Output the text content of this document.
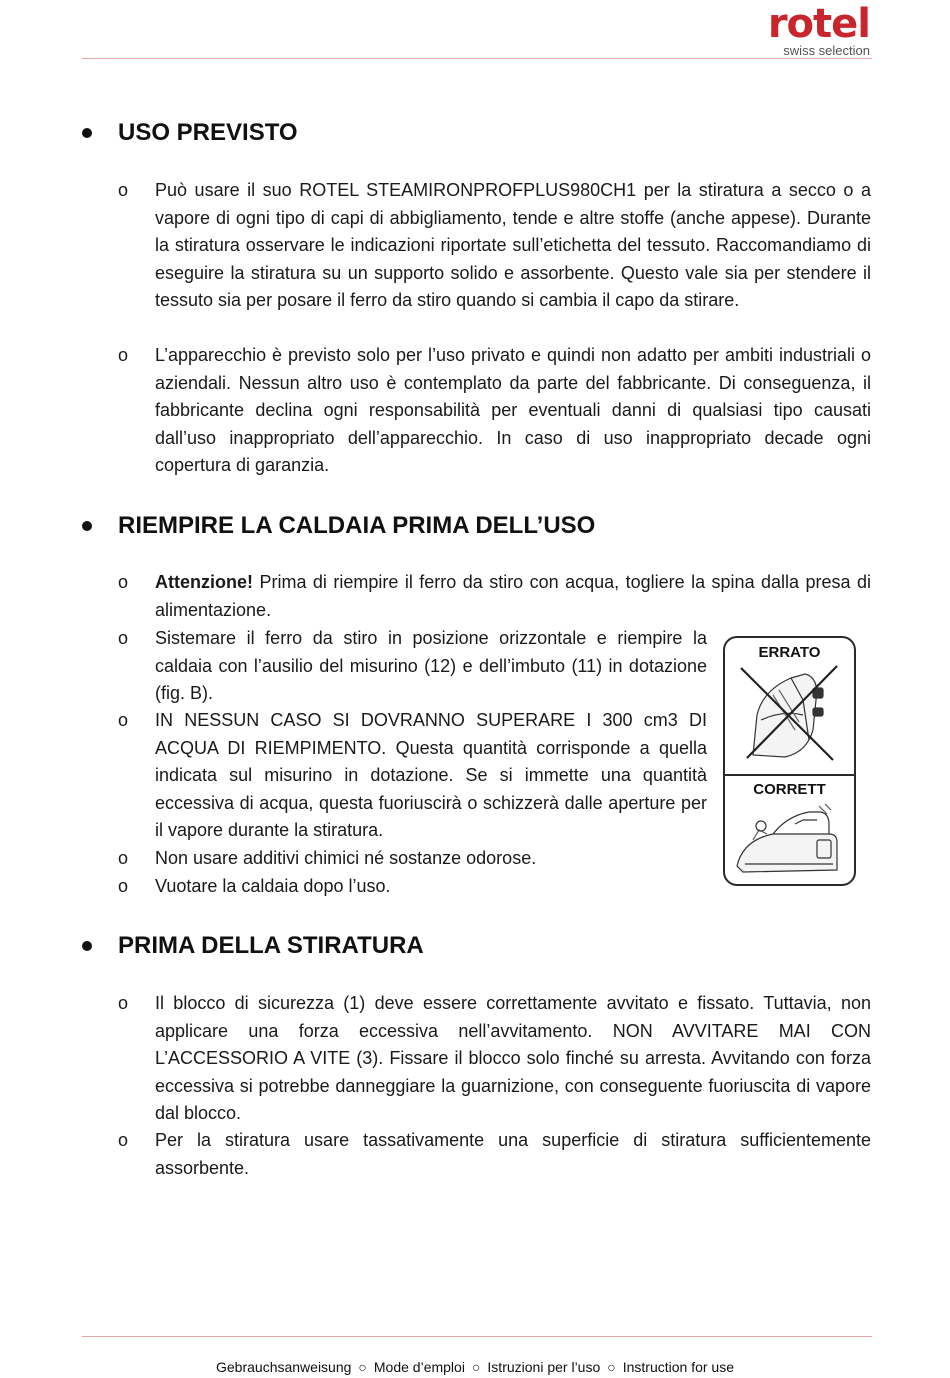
rotel
swiss selection
USO PREVISTO
o Può usare il suo ROTEL STEAMIRONPROFPLUS980CH1 per la stiratura a secco o a vapore di ogni tipo di capi di abbigliamento, tende e altre stoffe (anche appese). Durante la stiratura osservare le indicazioni riportate sull’etichetta del tessuto. Raccomandiamo di eseguire la stiratura su un supporto solido e assorbente. Questo vale sia per stendere il tessuto sia per posare il ferro da stiro quando si cambia il capo da stirare.
o L’apparecchio è previsto solo per l’uso privato e quindi non adatto per ambiti industriali o aziendali. Nessun altro uso è contemplato da parte del fabbricante. Di conseguenza, il fabbricante declina ogni responsabilità per eventuali danni di qualsiasi tipo causati dall’uso inappropriato dell’apparecchio. In caso di uso inappropriato decade ogni copertura di garanzia.
RIEMPIRE LA CALDAIA PRIMA DELL’USO
o Attenzione! Prima di riempire il ferro da stiro con acqua, togliere la spina dalla presa di alimentazione.
o Sistemare il ferro da stiro in posizione orizzontale e riempire la caldaia con l’ausilio del misurino (12) e dell’imbuto (11) in dotazione (fig. B).
o IN NESSUN CASO SI DOVRANNO SUPERARE I 300 cm3 DI ACQUA DI RIEMPIMENTO. Questa quantità corrisponde a quella indicata sul misurino in dotazione. Se si immette una quantità eccessiva di acqua, questa fuoriuscirà o schizzerà dalle aperture per il vapore durante la stiratura.
o Non usare additivi chimici né sostanze odorose.
o Vuotare la caldaia dopo l’uso.
ERRATO
CORRETT
PRIMA DELLA STIRATURA
o Il blocco di sicurezza (1) deve essere correttamente avvitato e fissato. Tuttavia, non applicare una forza eccessiva nell’avvitamento. NON AVVITARE MAI CON L’ACCESSORIO A VITE (3). Fissare il blocco solo finché su arresta. Avvitando con forza eccessiva si potrebbe danneggiare la guarnizione, con conseguente fuoriuscita di vapore dal blocco.
o Per la stiratura usare tassativamente una superficie di stiratura sufficientemente assorbente.
Gebrauchsanweisung ○ Mode d’emploi ○ Istruzioni per l’uso ○ Instruction for use
